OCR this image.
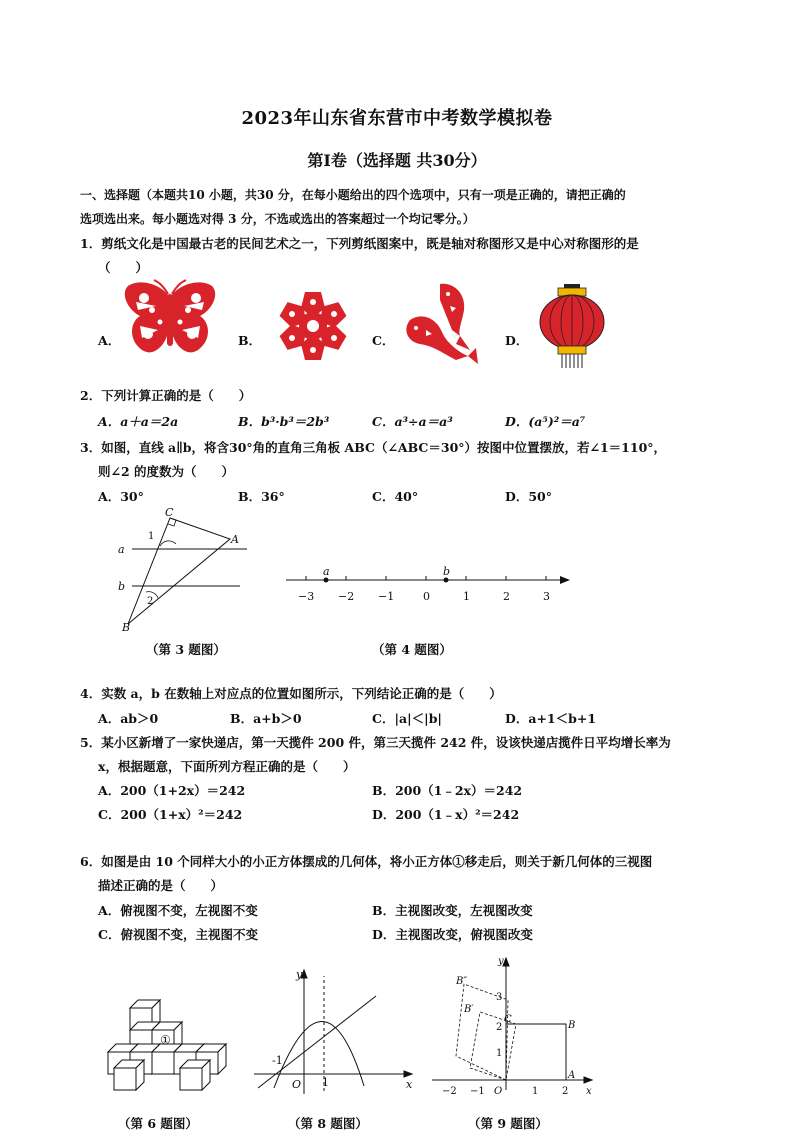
2023年山东省东营市中考数学模拟卷
第Ⅰ卷（选择题 共30分）
一、选择题（本题共10 小题，共30 分，在每小题给出的四个选项中，只有一项是正确的，请把正确的
选项选出来。每小题选对得 3 分，不选或选出的答案超过一个均记零分。）
1．剪纸文化是中国最古老的民间艺术之一，下列剪纸图案中，既是轴对称图形又是中心对称图形的是
（　　）
A．	B．	C．	D．
2．下列计算正确的是（　　）
A．a＋a＝2a	B．b³·b³＝2b³	C．a³÷a＝a³	D．(a⁵)²＝a⁷
3．如图，直线 a∥b，将含30°角的直角三角板 ABC（∠ABC＝30°）按图中位置摆放，若∠1＝110°，
则∠2 的度数为（　　）
A．30°	B．36°	C．40°	D．50°
a
b
C
A
B
1
2
（第 3 题图）
−3 −2 −1	0	1	2	3
a	b
（第 4 题图）
4．实数 a，b 在数轴上对应点的位置如图所示，下列结论正确的是（　　）
A．ab＞0	B．a+b＞0	C．|a|＜|b|	D．a+1＜b+1
5．某小区新增了一家快递店，第一天揽件 200 件，第三天揽件 242 件，设该快递店揽件日平均增长率为
x，根据题意，下面所列方程正确的是（　　）
A．200（1+2x）＝242	B．200（1﹣2x）＝242
C．200（1+x）²＝242	D．200（1﹣x）²＝242
6．如图是由 10 个同样大小的小正方体摆成的几何体，将小正方体①移走后，则关于新几何体的三视图
描述正确的是（　　）
A．俯视图不变，左视图不变	B．主视图改变，左视图改变
C．俯视图不变，主视图不变	D．主视图改变，俯视图改变
①
（第 6 题图）
y
x
O
-1
1
（第 8 题图）
y
x
O
B″
B′
C
B
A
−2 −1	1 2
1
2
3
（第 9 题图）
